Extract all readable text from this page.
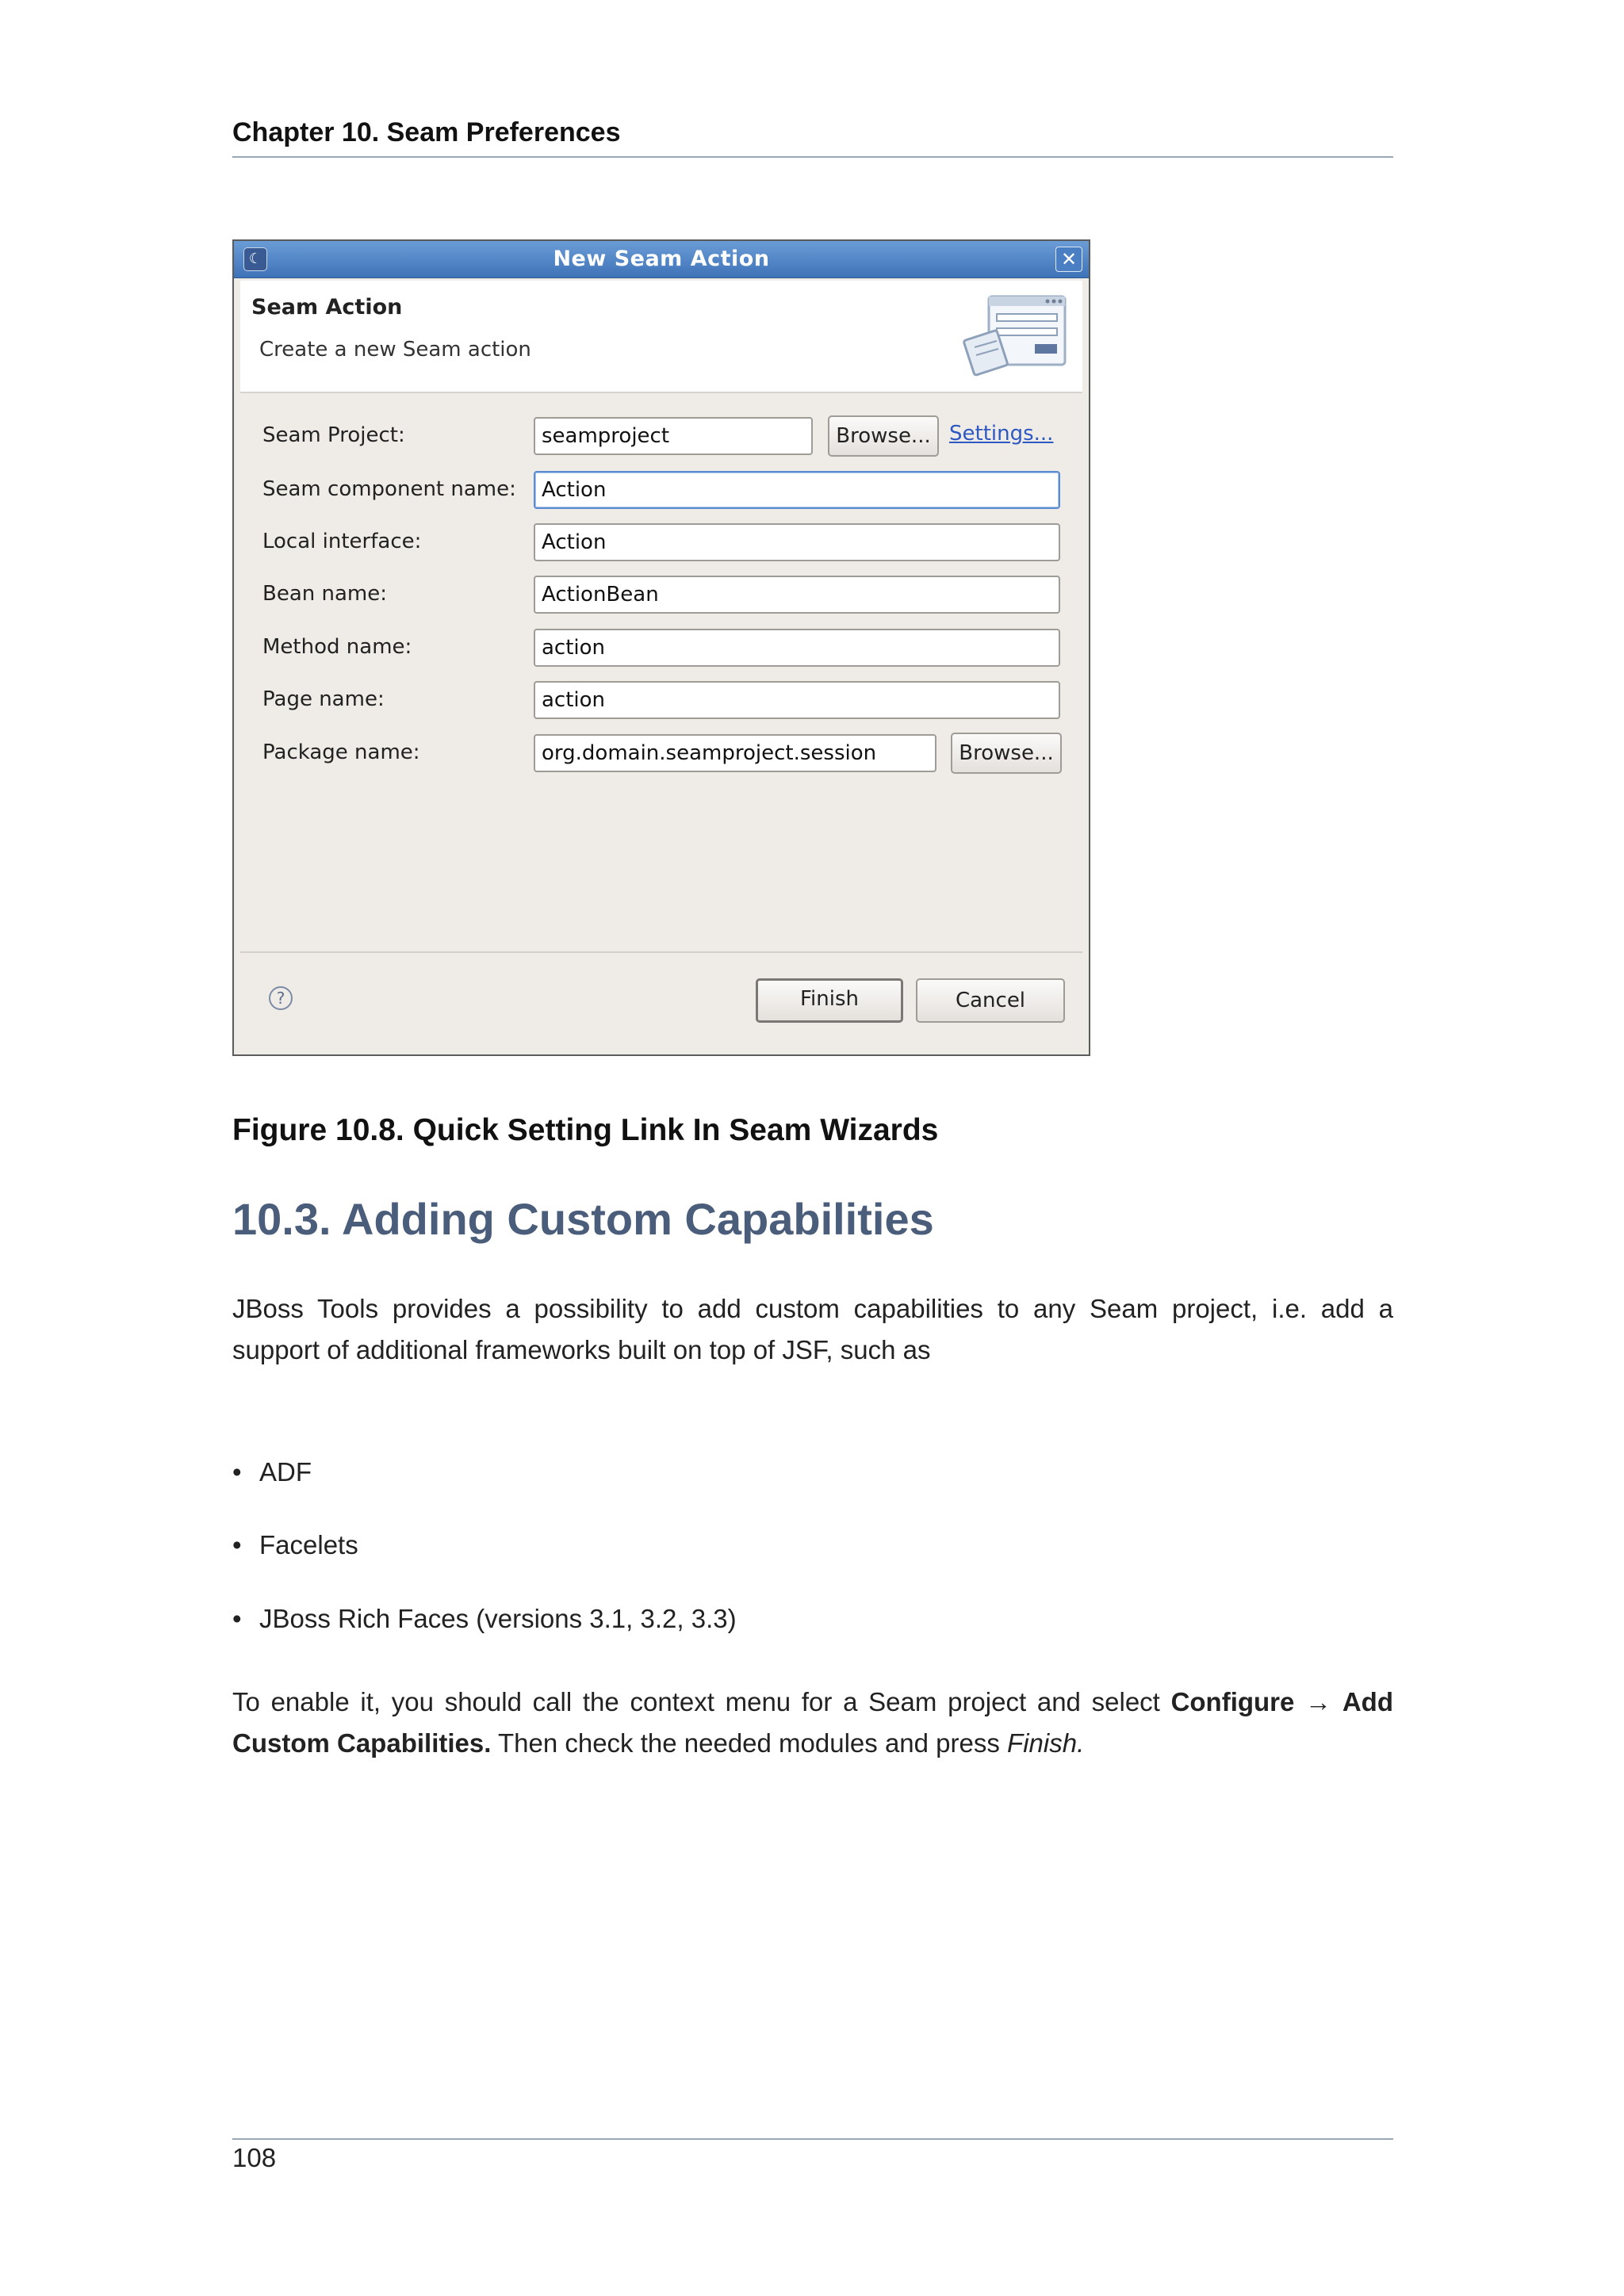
Chapter 10. Seam Preferences
☾	New Seam Action	✕
Seam Action
Create a new Seam action
Seam Project:	seamproject	Browse... Settings...
Seam component name:	Action
Local interface:	Action
Bean name:	ActionBean
Method name:	action
Page name:	action
Package name:	org.domain.seamproject.session	Browse...
?	Finish	Cancel
Figure 10.8. Quick Setting Link In Seam Wizards
10.3. Adding Custom Capabilities
JBoss Tools provides a possibility to add custom capabilities to any Seam project, i.e. add a
support of additional frameworks built on top of JSF, such as
• ADF
• Facelets
• JBoss Rich Faces (versions 3.1, 3.2, 3.3)
To enable it, you should call the context menu for a Seam project and select Configure → Add Custom Capabilities. Then check the needed modules and press Finish.
108
